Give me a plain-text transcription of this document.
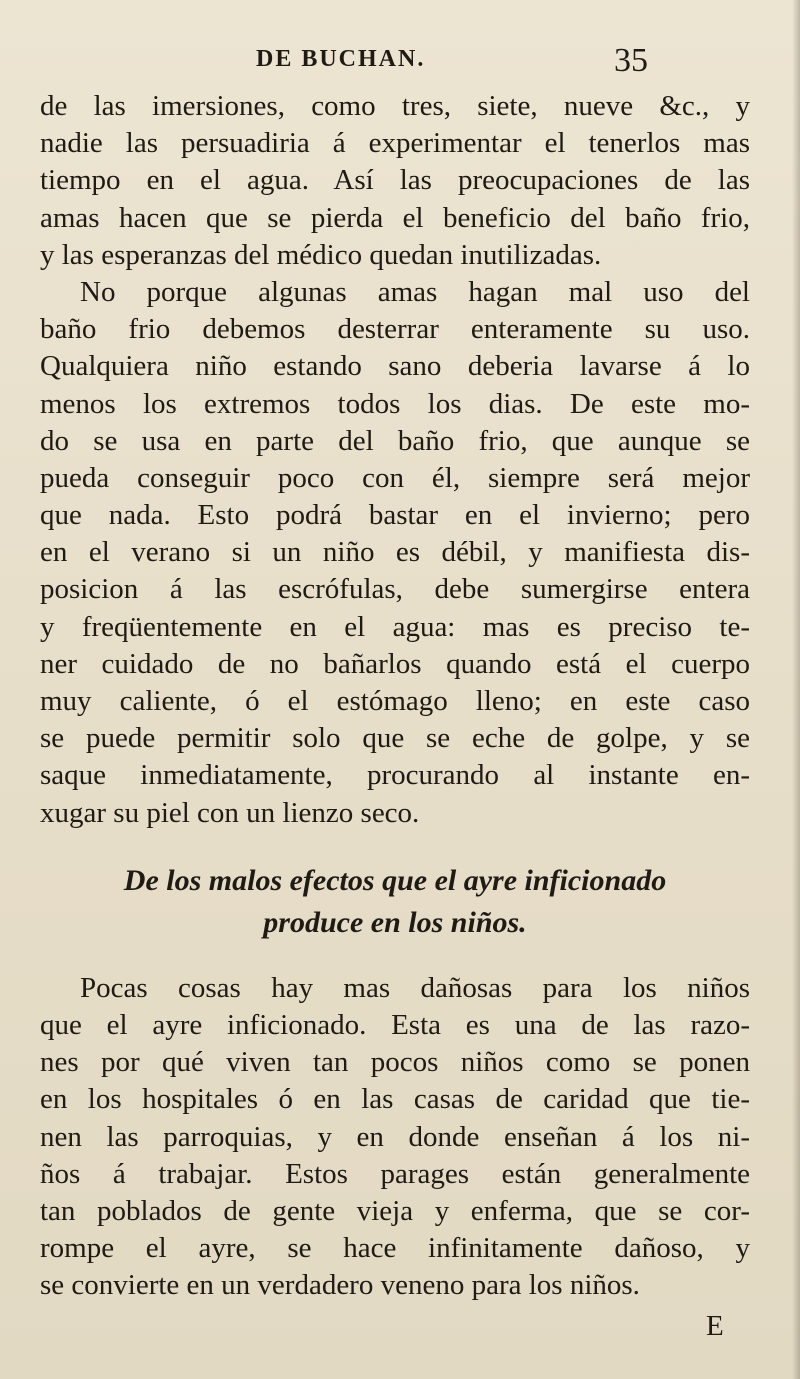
DE BUCHAN.	35
de las imersiones, como tres, siete, nueve &c., y
nadie las persuadiria á experimentar el tenerlos mas
tiempo en el agua. Así las preocupaciones de las
amas hacen que se pierda el beneficio del baño frio,
y las esperanzas del médico quedan inutilizadas.
No porque algunas amas hagan mal uso del
baño frio debemos desterrar enteramente su uso.
Qualquiera niño estando sano deberia lavarse á lo
menos los extremos todos los dias. De este mo-
do se usa en parte del baño frio, que aunque se
pueda conseguir poco con él, siempre será mejor
que nada. Esto podrá bastar en el invierno; pero
en el verano si un niño es débil, y manifiesta dis-
posicion á las escrófulas, debe sumergirse entera
y freqüentemente en el agua: mas es preciso te-
ner cuidado de no bañarlos quando está el cuerpo
muy caliente, ó el estómago lleno; en este caso
se puede permitir solo que se eche de golpe, y se
saque inmediatamente, procurando al instante en-
xugar su piel con un lienzo seco.
De los malos efectos que el ayre inficionado
produce en los niños.
Pocas cosas hay mas dañosas para los niños
que el ayre inficionado. Esta es una de las razo-
nes por qué viven tan pocos niños como se ponen
en los hospitales ó en las casas de caridad que tie-
nen las parroquias, y en donde enseñan á los ni-
ños á trabajar. Estos parages están generalmente
tan poblados de gente vieja y enferma, que se cor-
rompe el ayre, se hace infinitamente dañoso, y
se convierte en un verdadero veneno para los niños.
E
